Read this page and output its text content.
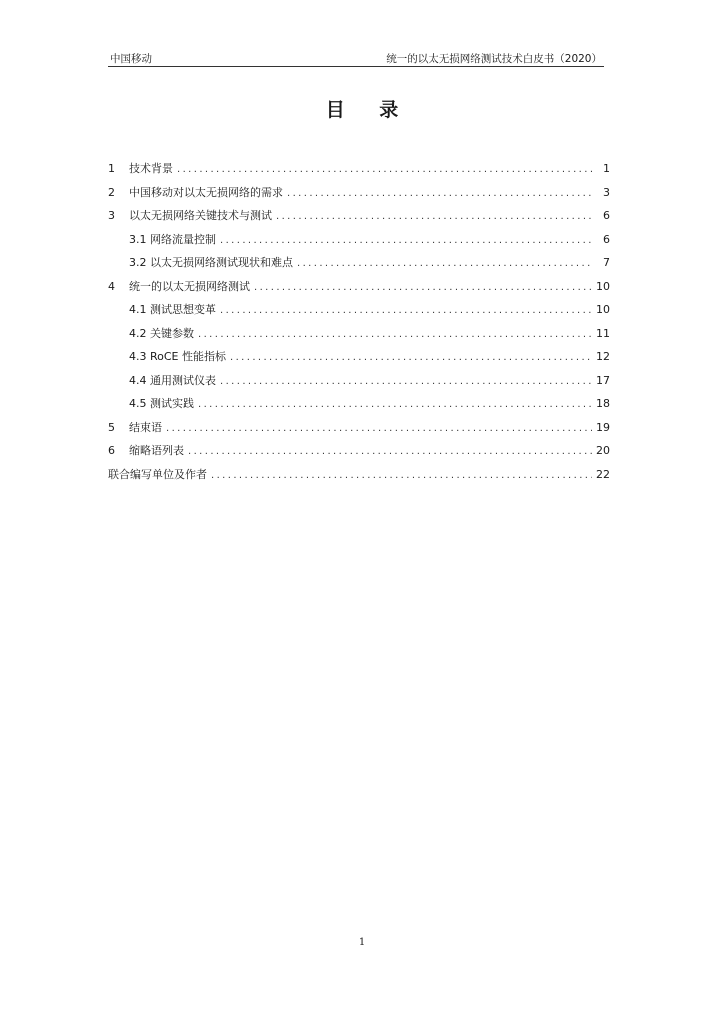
中国移动	统一的以太无损网络测试技术白皮书（2020）
目 录
1	技术背景 .....	1
2	中国移动对以太无损网络的需求 .....	3
3	以太无损网络关键技术与测试 .....	6
3.1 网络流量控制 .....	6
3.2 以太无损网络测试现状和难点 .....	7
4	统一的以太无损网络测试 .....	10
4.1 测试思想变革 .....	10
4.2 关键参数 .....	11
4.3 RoCE 性能指标 .....	12
4.4 通用测试仪表 .....	17
4.5 测试实践 .....	18
5	结束语 .....	19
6	缩略语列表 .....	20
联合编写单位及作者 .....	22
1
